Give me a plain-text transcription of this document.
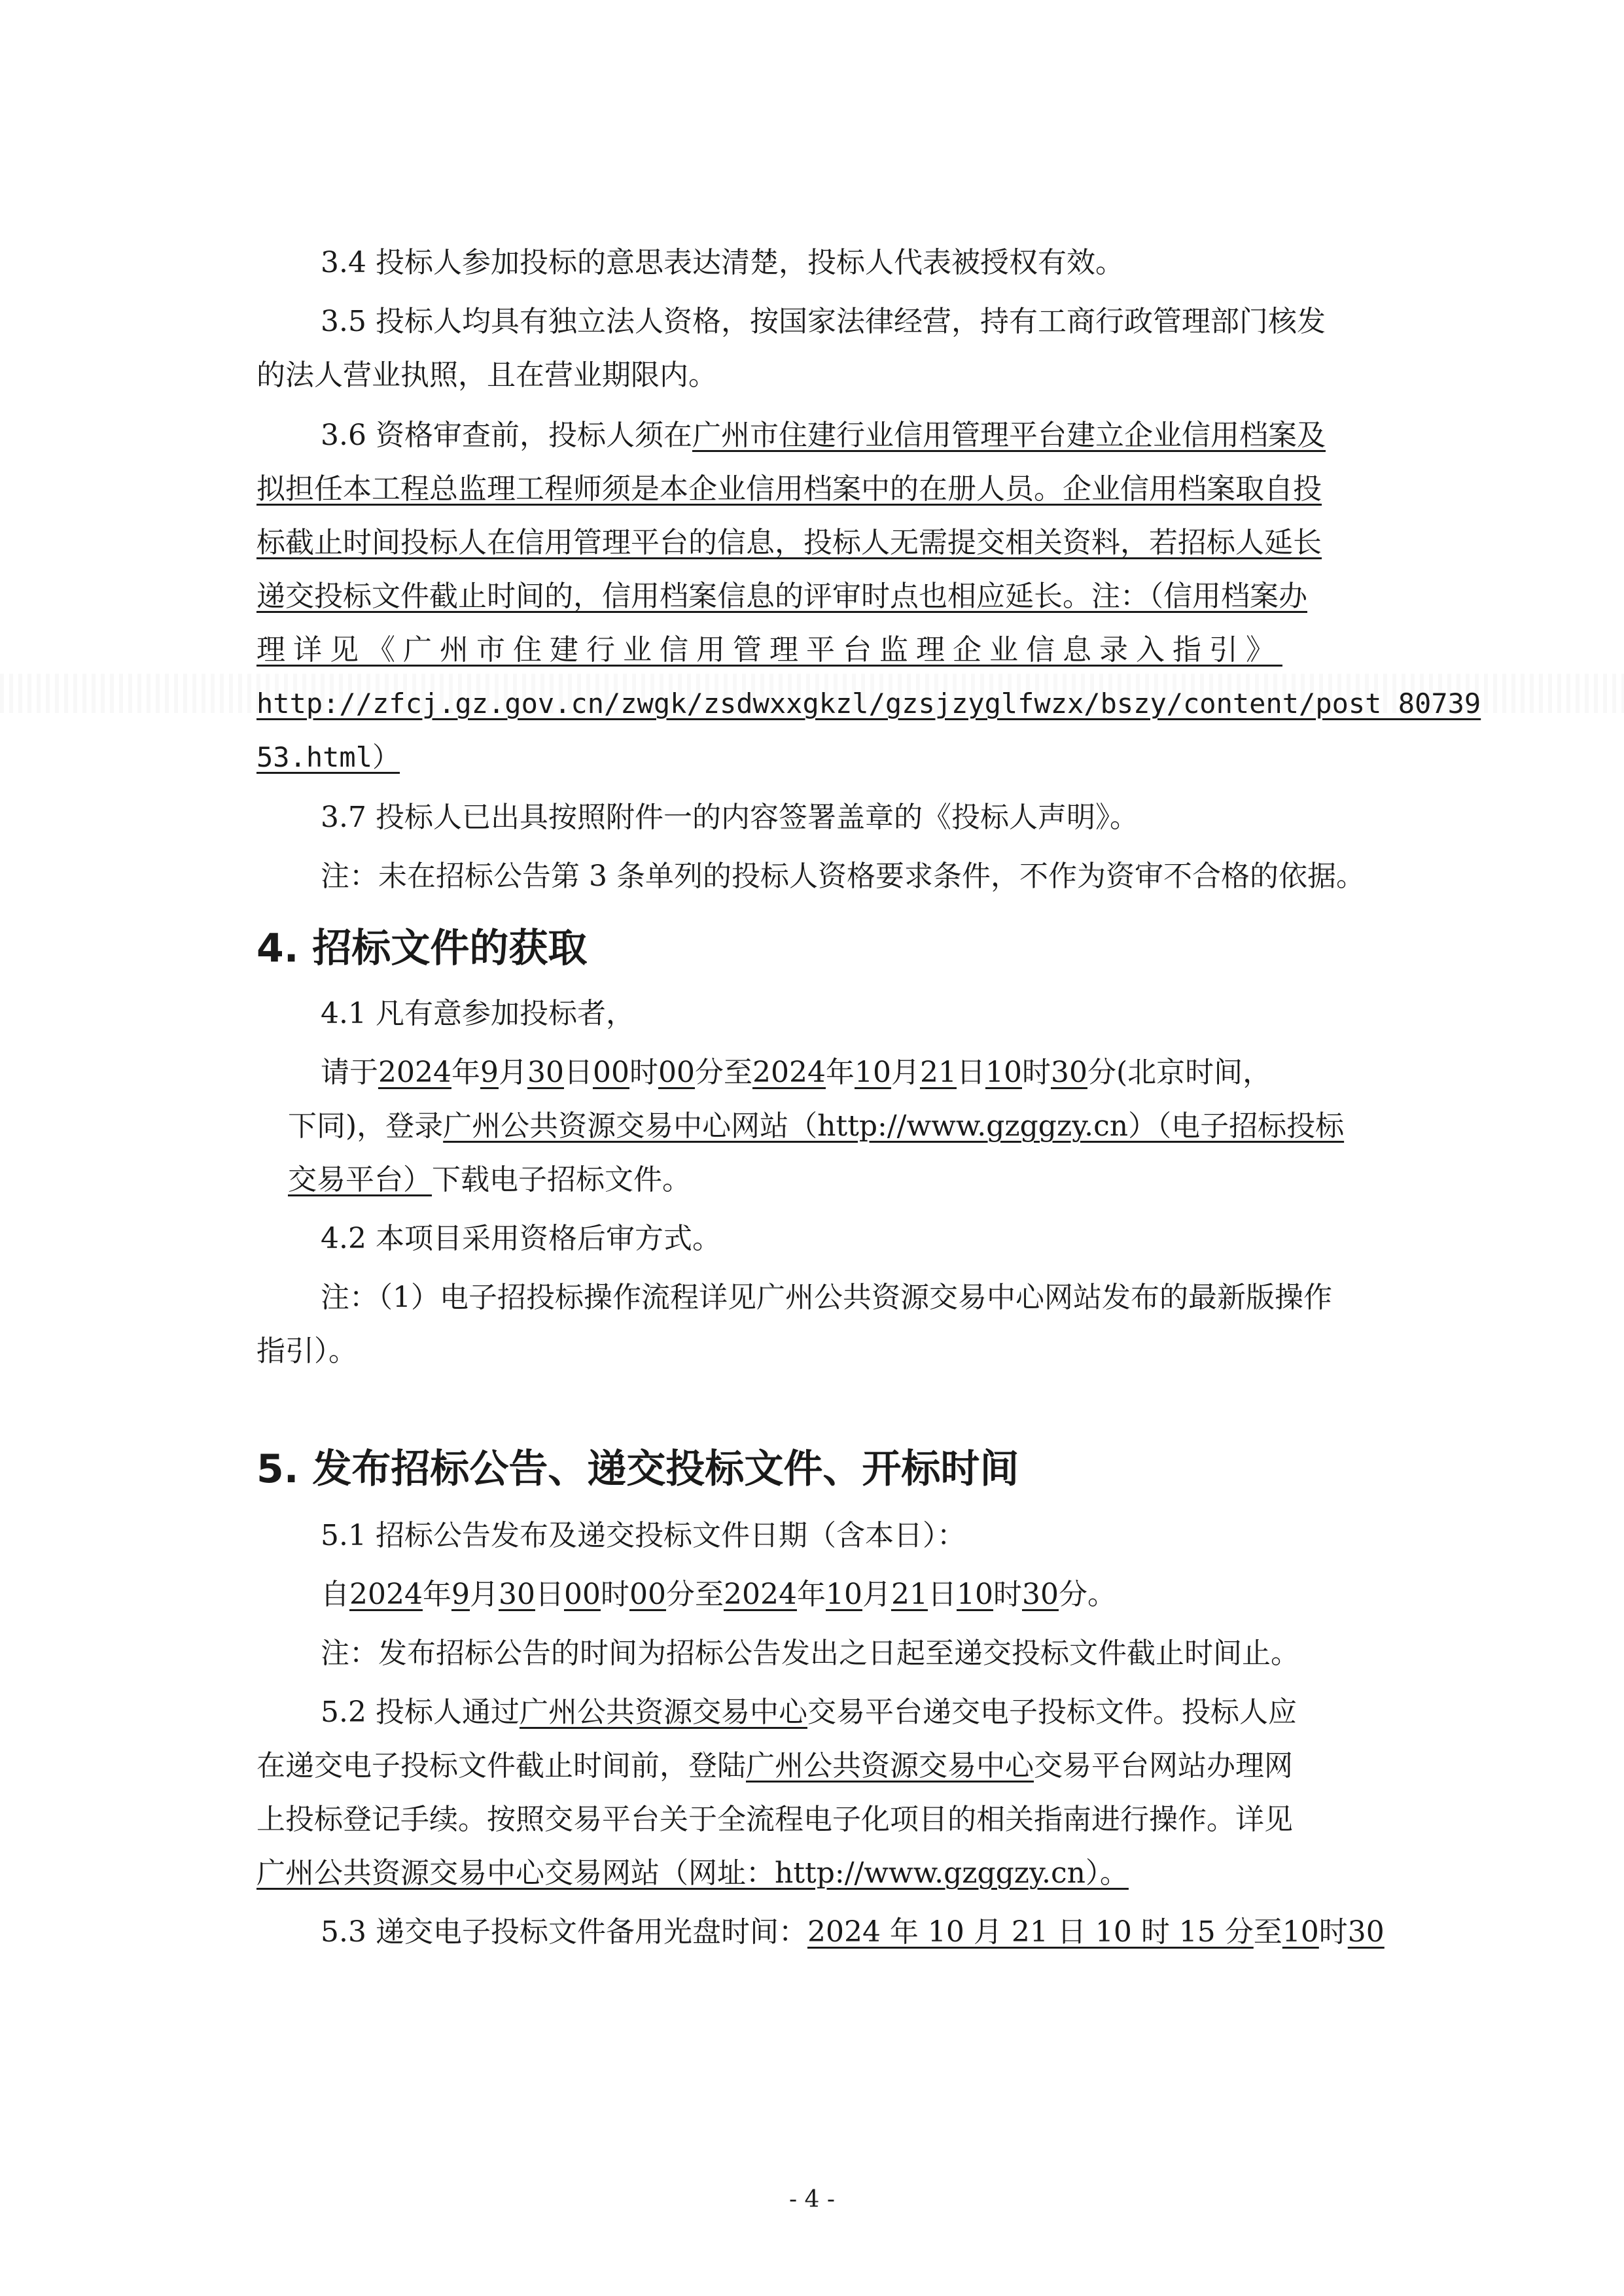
3.4 投标人参加投标的意思表达清楚，投标人代表被授权有效。
3.5 投标人均具有独立法人资格，按国家法律经营，持有工商行政管理部门核发
的法人营业执照，且在营业期限内。
3.6 资格审查前，投标人须在广州市住建行业信用管理平台建立企业信用档案及
拟担任本工程总监理工程师须是本企业信用档案中的在册人员。企业信用档案取自投
标截止时间投标人在信用管理平台的信息，投标人无需提交相关资料，若招标人延长
递交投标文件截止时间的，信用档案信息的评审时点也相应延长。注：（信用档案办
理详见《广州市住建行业信用管理平台监理企业信息录入指引》
http://zfcj.gz.gov.cn/zwgk/zsdwxxgkzl/gzsjzyglfwzx/bszy/content/post_80739
53.html）
3.7 投标人已出具按照附件一的内容签署盖章的《投标人声明》。
注：未在招标公告第 3 条单列的投标人资格要求条件，不作为资审不合格的依据。
4. 招标文件的获取
4.1 凡有意参加投标者，
请于2024年9月30日00时00分至2024年10月21日10时30分(北京时间，
下同)，登录广州公共资源交易中心网站（http://www.gzggzy.cn）（电子招标投标
交易平台）下载电子招标文件。
4.2 本项目采用资格后审方式。
注：（1）电子招投标操作流程详见广州公共资源交易中心网站发布的最新版操作
指引）。
5. 发布招标公告、递交投标文件、开标时间
5.1 招标公告发布及递交投标文件日期（含本日）：
自2024年9月30日00时00分至2024年10月21日10时30分。
注：发布招标公告的时间为招标公告发出之日起至递交投标文件截止时间止。
5.2 投标人通过广州公共资源交易中心交易平台递交电子投标文件。投标人应
在递交电子投标文件截止时间前，登陆广州公共资源交易中心交易平台网站办理网
上投标登记手续。按照交易平台关于全流程电子化项目的相关指南进行操作。详见
广州公共资源交易中心交易网站（网址：http://www.gzggzy.cn）。
5.3 递交电子投标文件备用光盘时间：2024 年 10 月 21 日 10 时 15 分至10时30
- 4 -
